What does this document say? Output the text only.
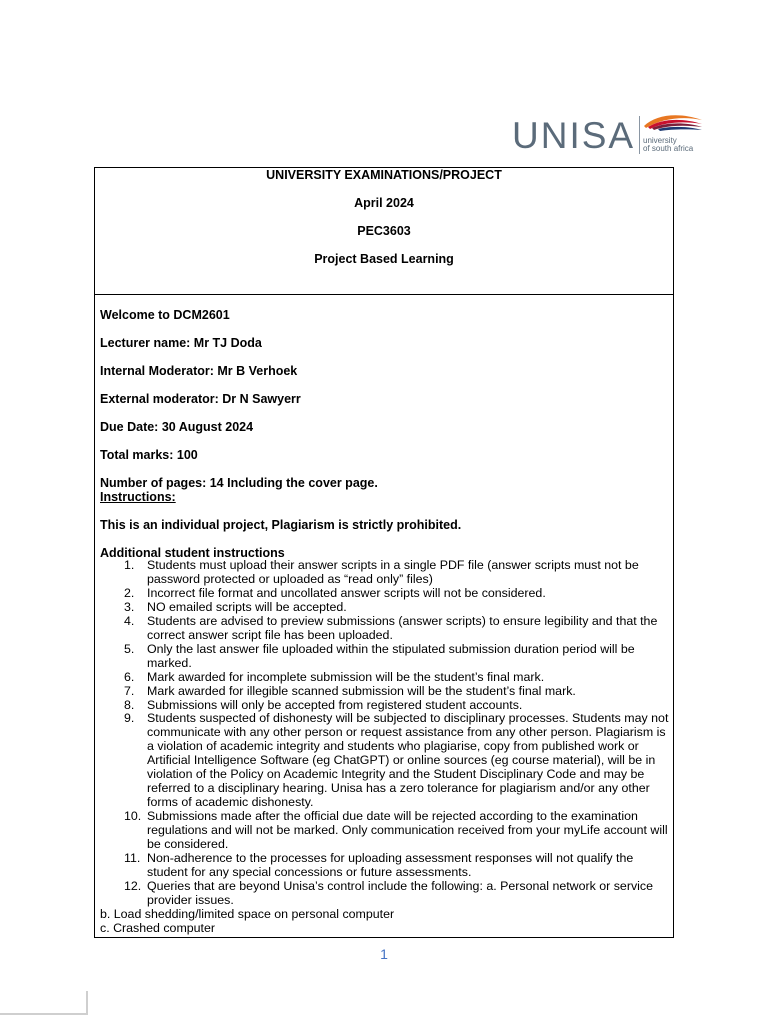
UNISA university
of south africa
UNIVERSITY EXAMINATIONS/PROJECT
April 2024
PEC3603
Project Based Learning
Welcome to DCM2601
Lecturer name: Mr TJ Doda
Internal Moderator: Mr B Verhoek
External moderator: Dr N Sawyerr
Due Date: 30 August 2024
Total marks: 100
Number of pages: 14 Including the cover page.
Instructions:
This is an individual project, Plagiarism is strictly prohibited.
Additional student instructions
1. Students must upload their answer scripts in a single PDF file (answer scripts must not be password protected or uploaded as “read only” files)
2. Incorrect file format and uncollated answer scripts will not be considered.
3. NO emailed scripts will be accepted.
4. Students are advised to preview submissions (answer scripts) to ensure legibility and that the correct answer script file has been uploaded.
5. Only the last answer file uploaded within the stipulated submission duration period will be marked.
6. Mark awarded for incomplete submission will be the student’s final mark.
7. Mark awarded for illegible scanned submission will be the student’s final mark.
8. Submissions will only be accepted from registered student accounts.
9. Students suspected of dishonesty will be subjected to disciplinary processes. Students may not communicate with any other person or request assistance from any other person. Plagiarism is a violation of academic integrity and students who plagiarise, copy from published work or Artificial Intelligence Software (eg ChatGPT) or online sources (eg course material), will be in violation of the Policy on Academic Integrity and the Student Disciplinary Code and may be referred to a disciplinary hearing. Unisa has a zero tolerance for plagiarism and/or any other forms of academic dishonesty.
10. Submissions made after the official due date will be rejected according to the examination regulations and will not be marked. Only communication received from your myLife account will be considered.
11. Non-adherence to the processes for uploading assessment responses will not qualify the student for any special concessions or future assessments.
12. Queries that are beyond Unisa’s control include the following: a. Personal network or service provider issues.
b. Load shedding/limited space on personal computer
c. Crashed computer
1
